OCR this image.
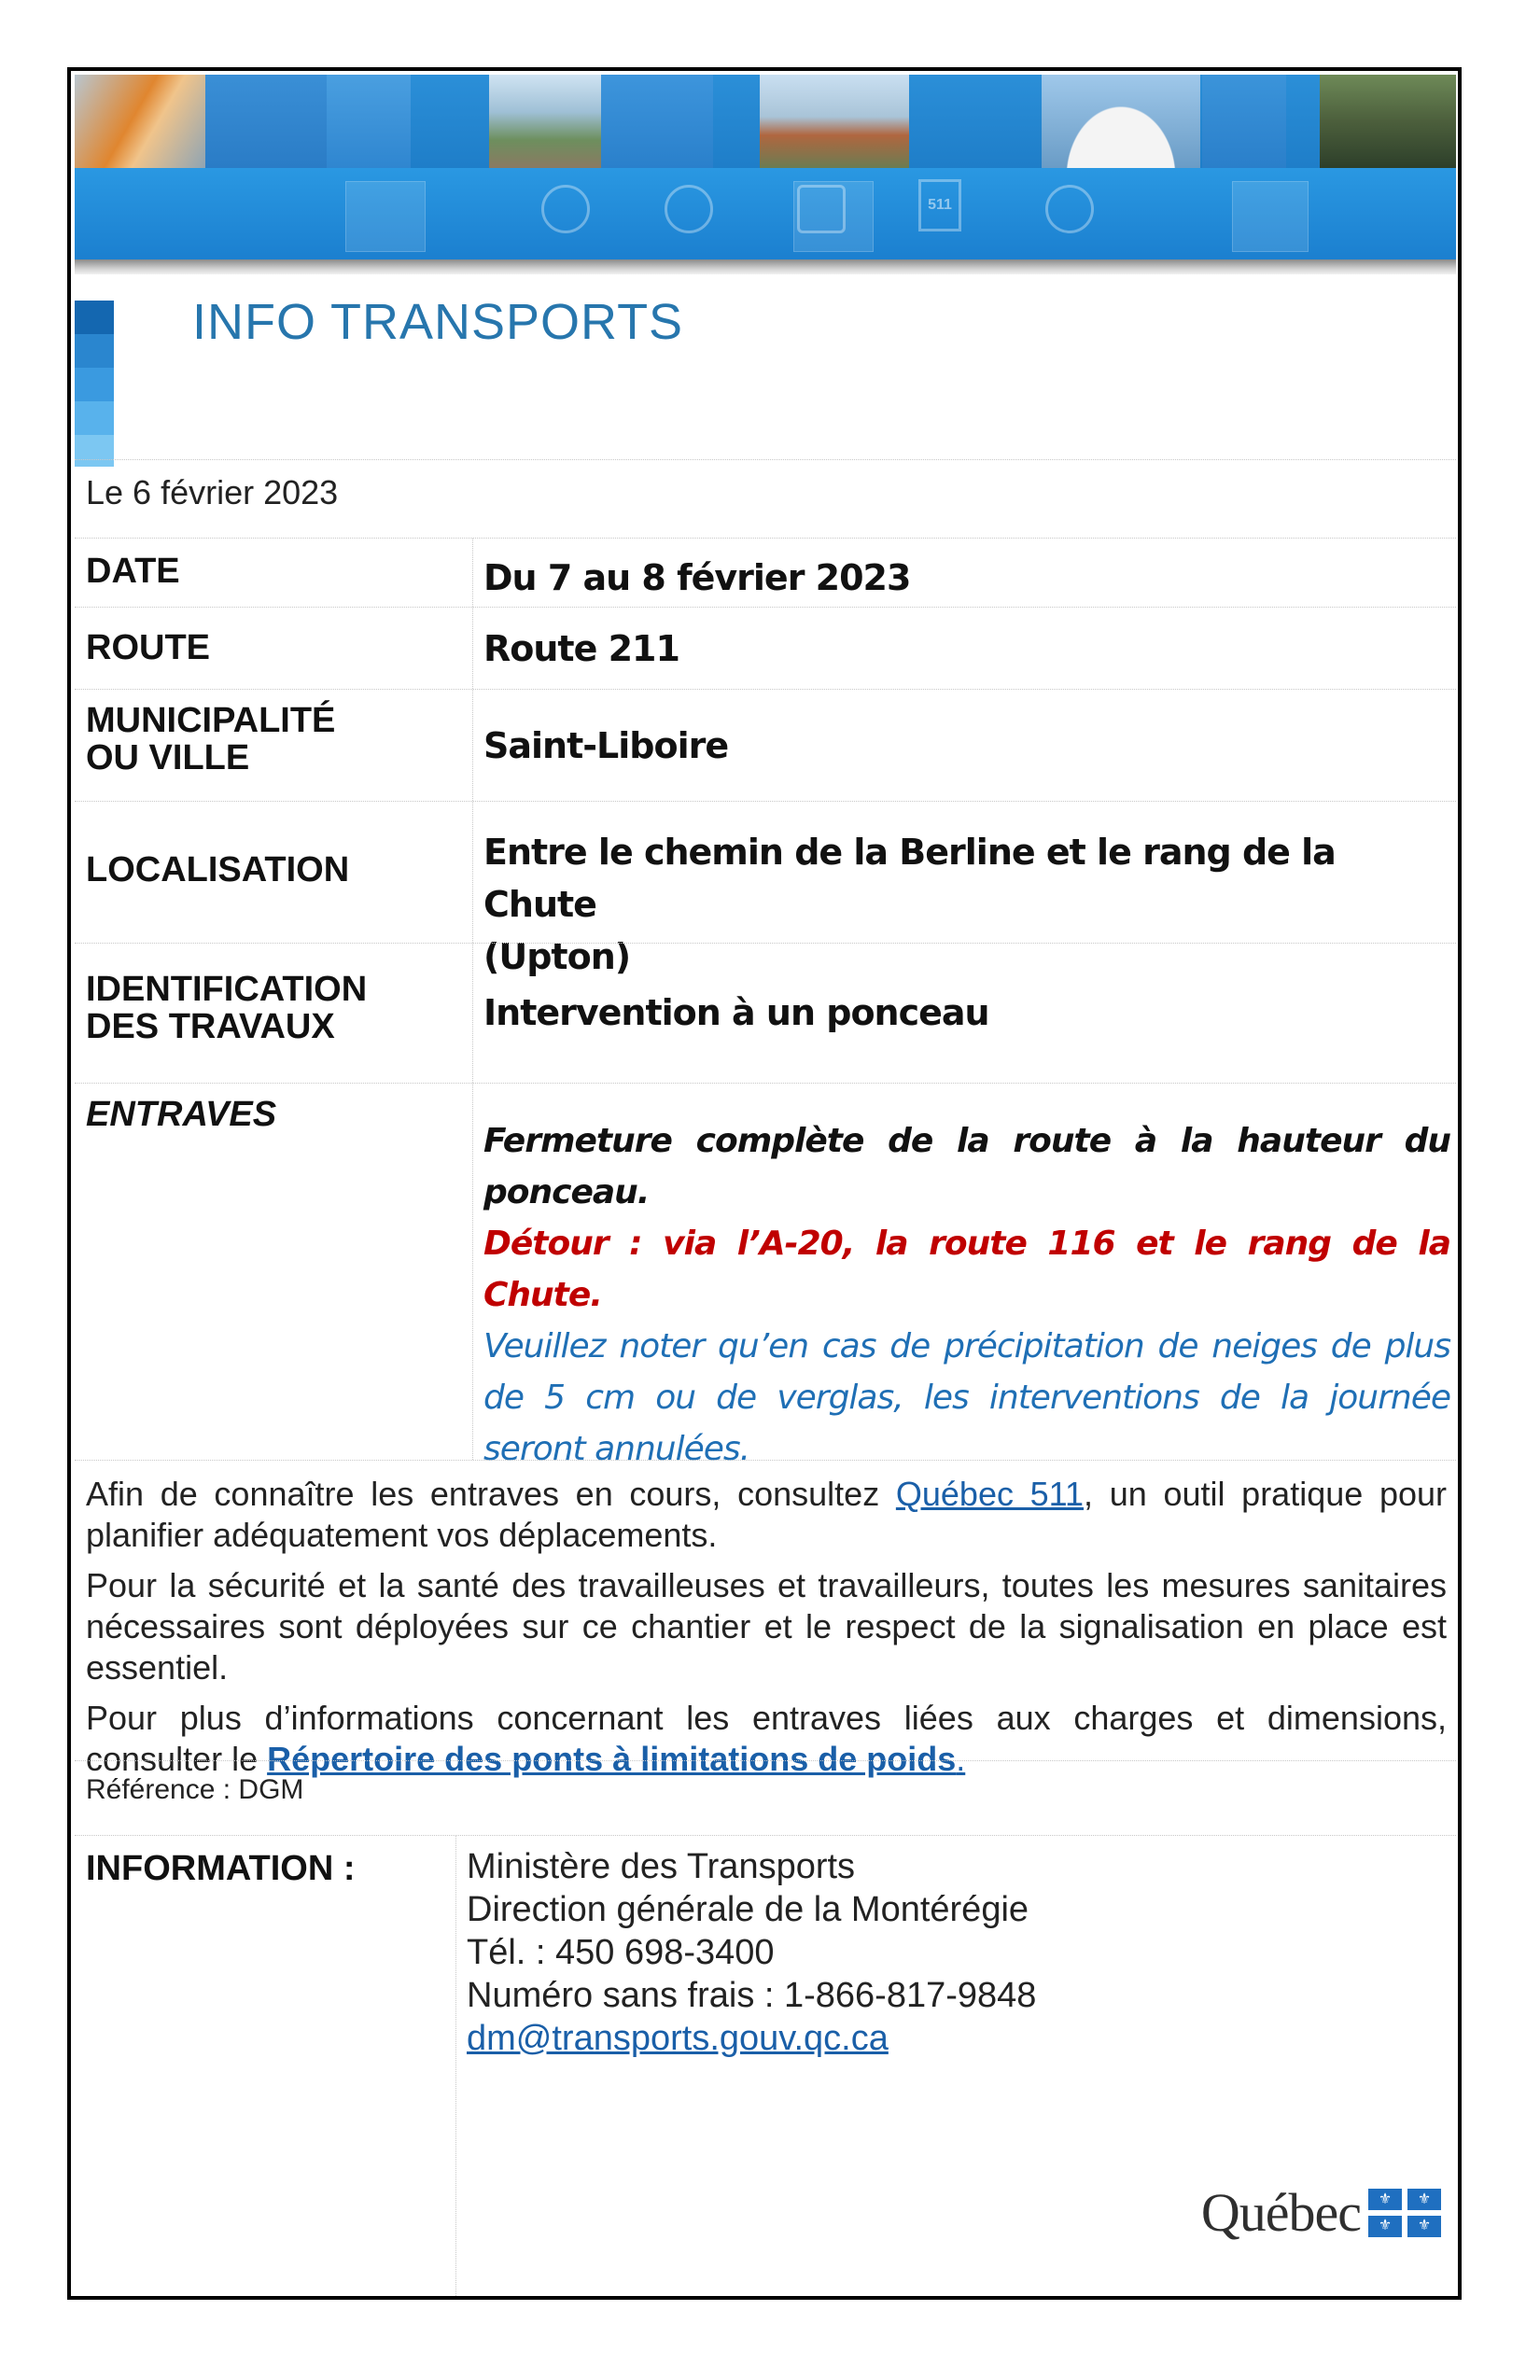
511
INFO TRANSPORTS
Le 6 février 2023
DATE	Du 7 au 8 février 2023
ROUTE	Route 211
MUNICIPALITÉ
OU VILLE	Saint-Liboire
LOCALISATION	Entre le chemin de la Berline et le rang de la Chute
(Upton)
IDENTIFICATION
DES TRAVAUX	Intervention à un ponceau
ENTRAVES

Fermeture complète de la route à la hauteur du ponceau.

Détour : via l’A-20, la route 116 et le rang de la Chute.

Veuillez noter qu’en cas de précipitation de neiges de plus de 5 cm ou de verglas, les interventions de la journée seront annulées.

Afin de connaître les entraves en cours, consultez Québec 511, un outil pratique pour planifier adéquatement vos déplacements.

Pour la sécurité et la santé des travailleuses et travailleurs, toutes les mesures sanitaires nécessaires sont déployées sur ce chantier et le respect de la signalisation en place est essentiel.

Pour plus d’informations concernant les entraves liées aux charges et dimensions, consulter le Répertoire des ponts à limitations de poids.

Référence : DGM
INFORMATION :	Ministère des Transports
Direction générale de la Montérégie
Tél. : 450 698-3400
Numéro sans frais : 1-866-817-9848
dm@transports.gouv.qc.ca
Québec ⚜ ⚜
⚜ ⚜
